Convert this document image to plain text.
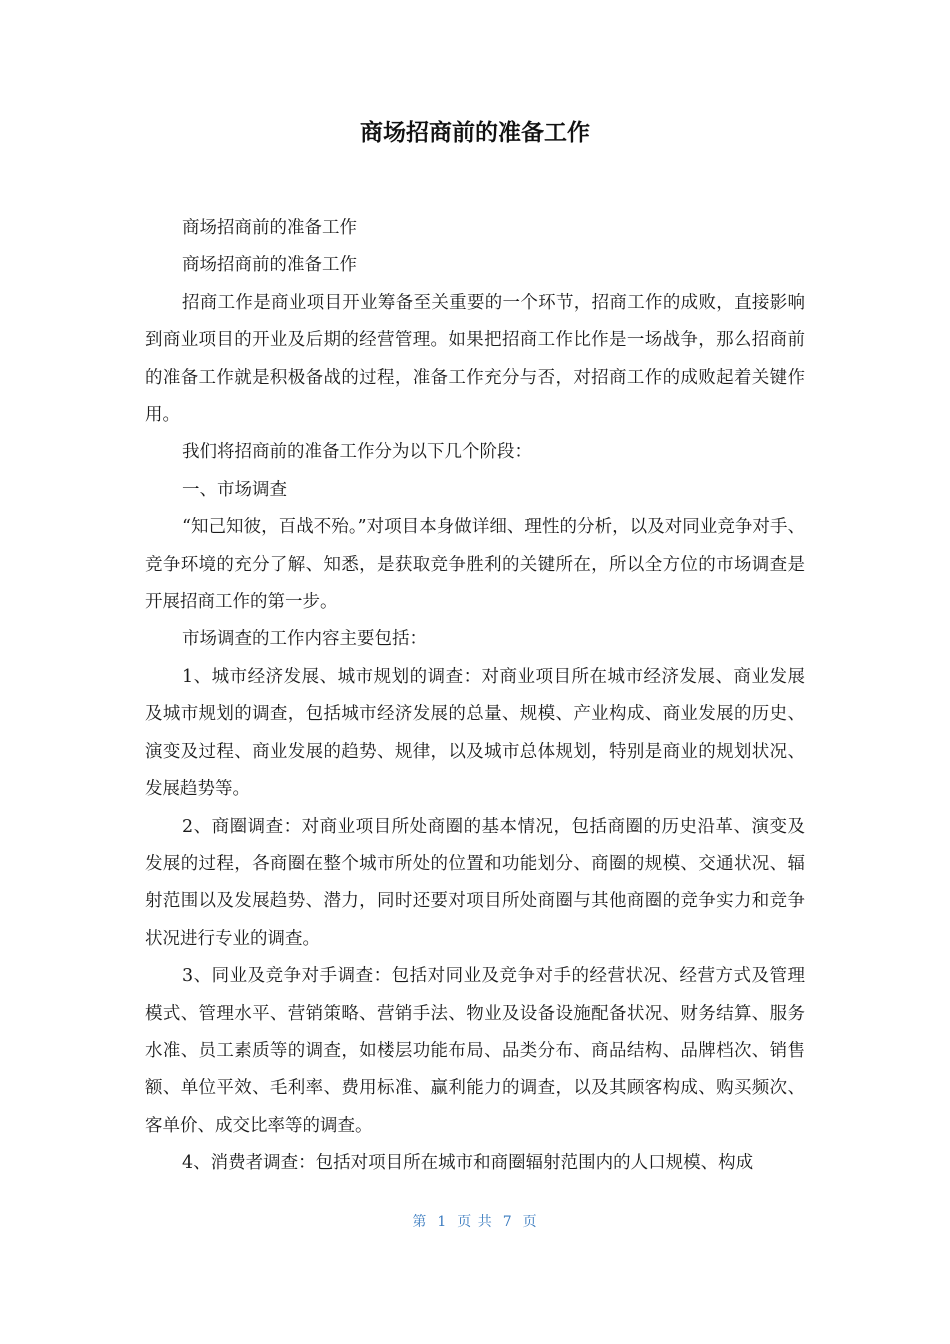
商场招商前的准备工作

商场招商前的准备工作

商场招商前的准备工作

招商工作是商业项目开业筹备至关重要的一个环节，招商工作的成败，直接影响到商业项目的开业及后期的经营管理。如果把招商工作比作是一场战争，那么招商前的准备工作就是积极备战的过程，准备工作充分与否，对招商工作的成败起着关键作用。

我们将招商前的准备工作分为以下几个阶段：

一、市场调查

“知己知彼，百战不殆。”对项目本身做详细、理性的分析，以及对同业竞争对手、竞争环境的充分了解、知悉，是获取竞争胜利的关键所在，所以全方位的市场调查是开展招商工作的第一步。

市场调查的工作内容主要包括：

1、城市经济发展、城市规划的调查：对商业项目所在城市经济发展、商业发展及城市规划的调查，包括城市经济发展的总量、规模、产业构成、商业发展的历史、演变及过程、商业发展的趋势、规律，以及城市总体规划，特别是商业的规划状况、发展趋势等。

2、商圈调查：对商业项目所处商圈的基本情况，包括商圈的历史沿革、演变及发展的过程，各商圈在整个城市所处的位置和功能划分、商圈的规模、交通状况、辐射范围以及发展趋势、潜力，同时还要对项目所处商圈与其他商圈的竞争实力和竞争状况进行专业的调查。

3、同业及竞争对手调查：包括对同业及竞争对手的经营状况、经营方式及管理模式、管理水平、营销策略、营销手法、物业及设备设施配备状况、财务结算、服务水准、员工素质等的调查，如楼层功能布局、品类分布、商品结构、品牌档次、销售额、单位平效、毛利率、费用标准、赢利能力的调查，以及其顾客构成、购买频次、客单价、成交比率等的调查。

4、消费者调查：包括对项目所在城市和商圈辐射范围内的人口规模、构成

第 1 页 共 7 页
